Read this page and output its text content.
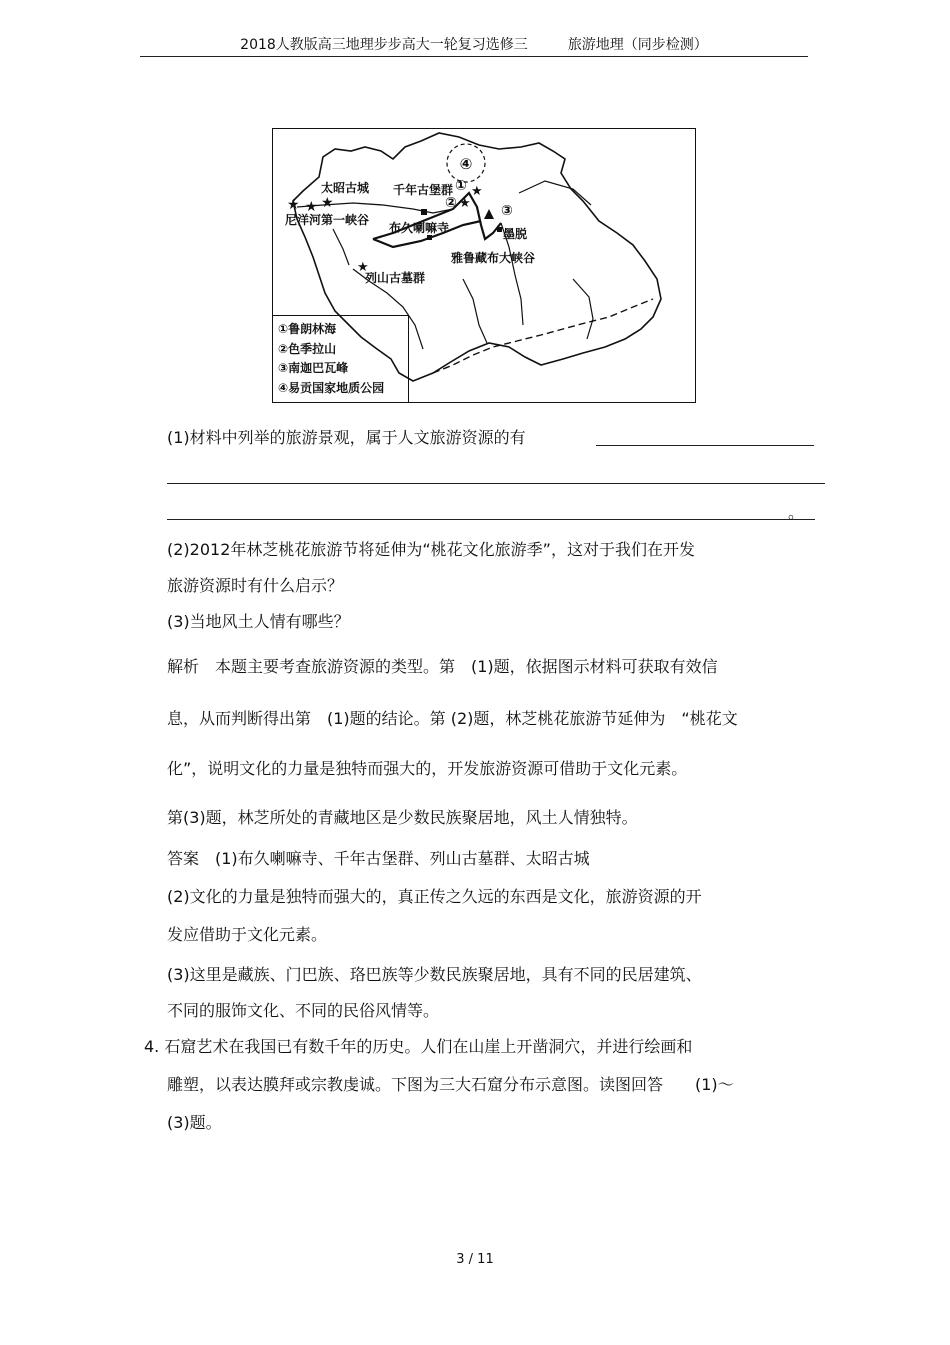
2018人教版高三地理步步高大一轮复习选修三	旅游地理（同步检测）
★ ★ ★
★
★
★
④
太昭古城 千年古堡群 ①
②	③
尼洋河第一峡谷
布久喇嘛寺	墨脱
雅鲁藏布大峡谷
列山古墓群
①鲁朗林海
②色季拉山
③南迦巴瓦峰
④易贡国家地质公园
(1)材料中列举的旅游景观，属于人文旅游资源的有
。
(2)2012年林芝桃花旅游节将延伸为“桃花文化旅游季”，这对于我们在开发
旅游资源时有什么启示？
(3)当地风土人情有哪些？
解析　本题主要考查旅游资源的类型。第　(1)题，依据图示材料可获取有效信
息，从而判断得出第　(1)题的结论。第 (2)题，林芝桃花旅游节延伸为　“桃花文
化”，说明文化的力量是独特而强大的，开发旅游资源可借助于文化元素。
第(3)题，林芝所处的青藏地区是少数民族聚居地，风土人情独特。
答案　(1)布久喇嘛寺、千年古堡群、列山古墓群、太昭古城
(2)文化的力量是独特而强大的，真正传之久远的东西是文化，旅游资源的开
发应借助于文化元素。
(3)这里是藏族、门巴族、珞巴族等少数民族聚居地，具有不同的民居建筑、
不同的服饰文化、不同的民俗风情等。
4. 石窟艺术在我国已有数千年的历史。人们在山崖上开凿洞穴，并进行绘画和
雕塑，以表达膜拜或宗教虔诚。下图为三大石窟分布示意图。读图回答　　(1)～
(3)题。
3 / 11
